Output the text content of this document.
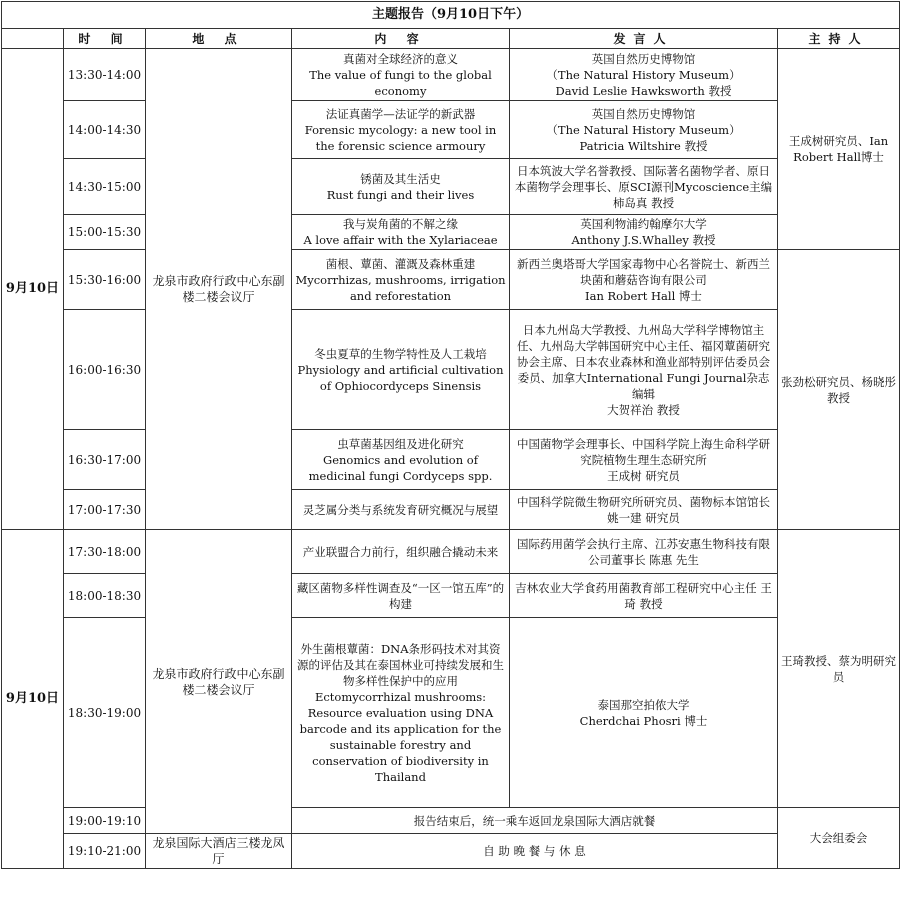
主题报告（9月10日下午）					
	时 间	地 点	内 容	发言人	主持人
9月10日	13:30-14:00	龙泉市政府行政中心东副楼二楼会议厅	真菌对全球经济的意义
The value of fungi to the global economy	英国自然历史博物馆
（The Natural History Museum）
David Leslie Hawksworth 教授	王成树研究员、Ian Robert Hall博士
	14:00-14:30		法证真菌学—法证学的新武器
Forensic mycology: a new tool in the forensic science armoury	英国自然历史博物馆
（The Natural History Museum）
Patricia Wiltshire 教授	
	14:30-15:00		锈菌及其生活史
Rust fungi and their lives	日本筑波大学名誉教授、国际著名菌物学者、原日本菌物学会理事长、原SCI源刊Mycoscience主编 柿岛真 教授	
	15:00-15:30		我与炭角菌的不解之缘
A love affair with the Xylariaceae	英国利物浦约翰摩尔大学
Anthony J.S.Whalley 教授	
	15:30-16:00		菌根、蕈菌、灌溉及森林重建
Mycorrhizas, mushrooms, irrigation and reforestation	新西兰奥塔哥大学国家毒物中心名誉院士、新西兰块菌和蘑菇咨询有限公司
Ian Robert Hall 博士	张劲松研究员、杨晓彤教授
	16:00-16:30		冬虫夏草的生物学特性及人工栽培
Physiology and artificial cultivation of Ophiocordyceps Sinensis	日本九州岛大学教授、九州岛大学科学博物馆主任、九州岛大学韩国研究中心主任、福冈蕈菌研究协会主席、日本农业森林和渔业部特别评估委员会委员、加拿大International Fungi Journal杂志编辑
大贺祥治 教授	
	16:30-17:00		虫草菌基因组及进化研究
Genomics and evolution of medicinal fungi Cordyceps spp.	中国菌物学会理事长、中国科学院上海生命科学研究院植物生理生态研究所
王成树 研究员	
	17:00-17:30		灵芝属分类与系统发育研究概况与展望	中国科学院微生物研究所研究员、菌物标本馆馆长 姚一建 研究员	
9月10日	17:30-18:00	龙泉市政府行政中心东副楼二楼会议厅	产业联盟合力前行，组织融合撬动未来	国际药用菌学会执行主席、江苏安惠生物科技有限公司董事长 陈惠 先生	王琦教授、蔡为明研究员
	18:00-18:30		藏区菌物多样性调查及“一区一馆五库”的构建	吉林农业大学食药用菌教育部工程研究中心主任 王琦 教授	
	18:30-19:00		外生菌根蕈菌：DNA条形码技术对其资源的评估及其在泰国林业可持续发展和生物多样性保护中的应用
Ectomycorrhizal mushrooms: Resource evaluation using DNA barcode and its application for the sustainable forestry and conservation of biodiversity in Thailand	泰国那空拍侬大学
Cherdchai Phosri 博士	
	19:00-19:10		报告结束后，统一乘车返回龙泉国际大酒店就餐		大会组委会
	19:10-21:00	龙泉国际大酒店三楼龙凤厅	自 助 晚 餐 与 休 息		
